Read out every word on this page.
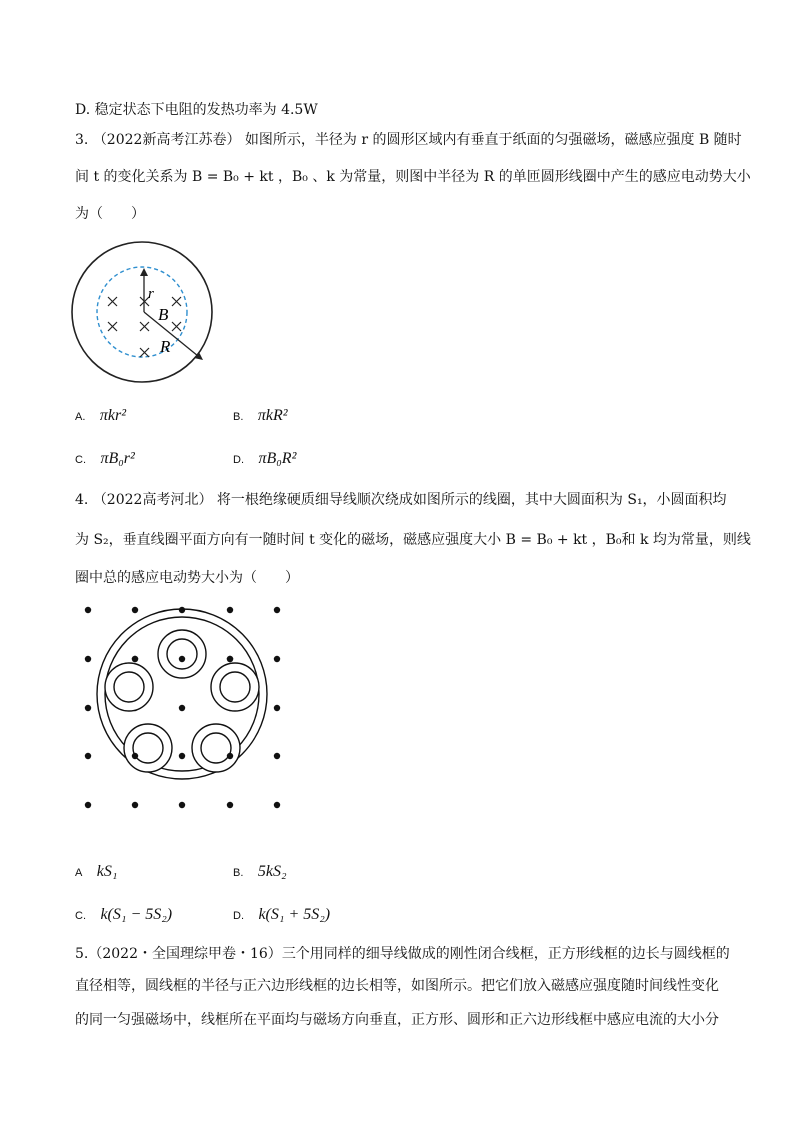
D. 稳定状态下电阻的发热功率为 4.5W
3. （2022新高考江苏卷） 如图所示，半径为 r 的圆形区域内有垂直于纸面的匀强磁场，磁感应强度 B 随时
间 t 的变化关系为 B = B₀ + kt ，B₀ 、k 为常量，则图中半径为 R 的单匝圆形线圈中产生的感应电动势大小
为（　　）
r
B
R
A. πkr²	B. πkR²
C. πB₀r²	D. πB₀R²
4. （2022高考河北） 将一根绝缘硬质细导线顺次绕成如图所示的线圈，其中大圆面积为 S₁，小圆面积均
为 S₂，垂直线圈平面方向有一随时间 t 变化的磁场，磁感应强度大小 B = B₀ + kt ，B₀和 k 均为常量，则线
圈中总的感应电动势大小为（　　）
A kS₁	B. 5kS₂
C. k(S₁ − 5S₂)	D. k(S₁ + 5S₂)
5.（2022・全国理综甲卷・16）三个用同样的细导线做成的刚性闭合线框，正方形线框的边长与圆线框的
直径相等，圆线框的半径与正六边形线框的边长相等，如图所示。把它们放入磁感应强度随时间线性变化
的同一匀强磁场中，线框所在平面均与磁场方向垂直，正方形、圆形和正六边形线框中感应电流的大小分
